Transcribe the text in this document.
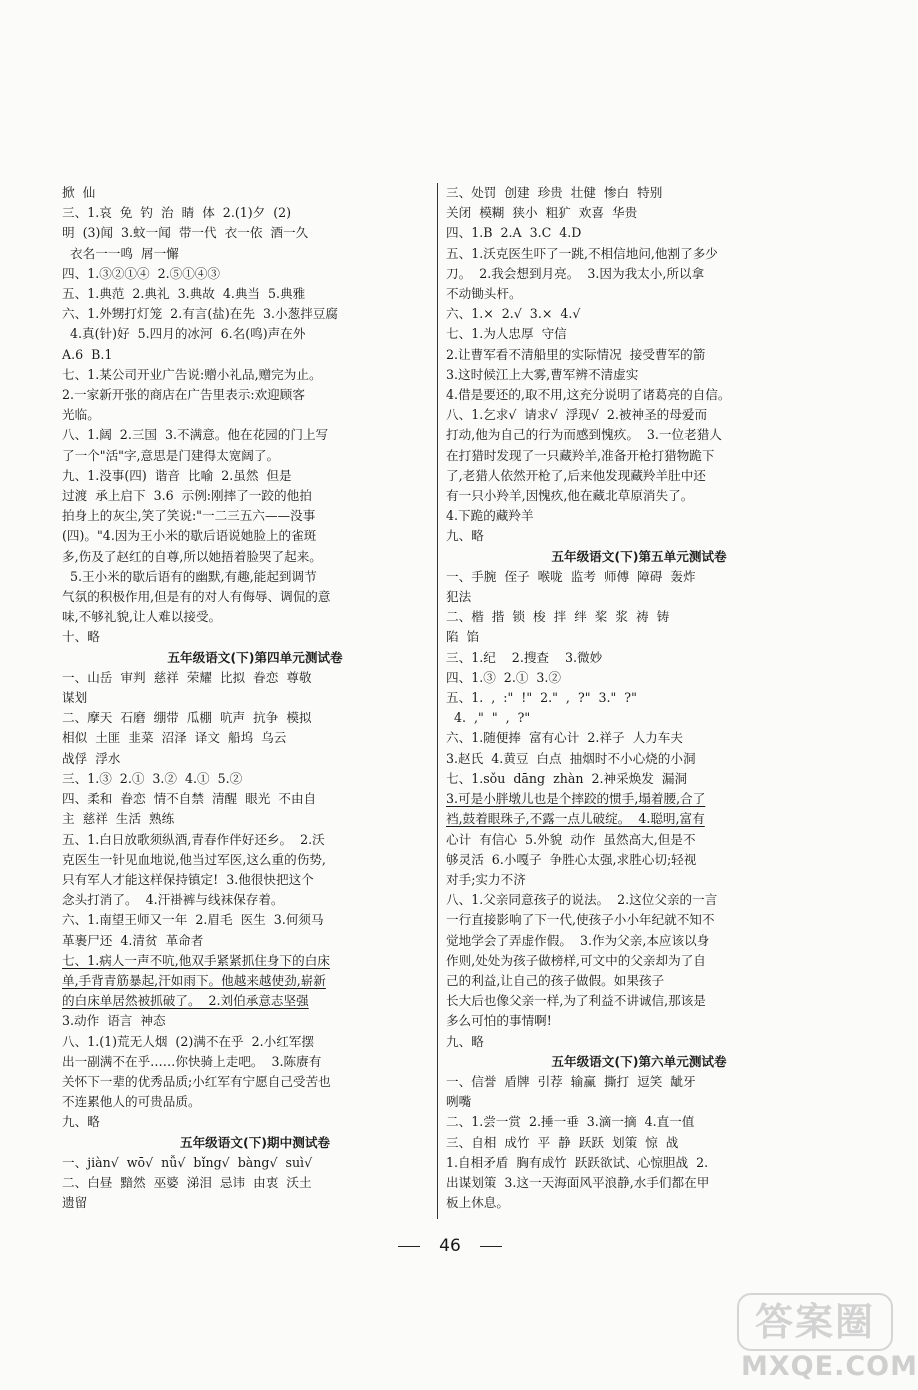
掀  仙
三、1.哀  免  钓  治  睛  体  2.(1)夕  (2)
明  (3)闻  3.蚊一闻  带一代  衣一依  酒一久
衣名一一鸣  屑一懈
四、1.③②①④  2.⑤①④③
五、1.典范  2.典礼  3.典故  4.典当  5.典雅
六、1.外甥打灯笼  2.有言(盐)在先  3.小葱拌豆腐
4.真(针)好  5.四月的冰河  6.名(鸣)声在外
A.6  B.1
七、1.某公司开业广告说:赠小礼品,赠完为止。
2.一家新开张的商店在广告里表示:欢迎顾客
光临。
八、1.阔  2.三国  3.不满意。他在花园的门上写
了一个"活"字,意思是门建得太宽阔了。
九、1.没事(四)  谐音  比喻  2.虽然  但是
过渡  承上启下  3.6  示例:刚摔了一跤的他拍
拍身上的灰尘,笑了笑说:"一二三五六——没事
(四)。"4.因为王小米的歇后语说她脸上的雀斑
多,伤及了赵红的自尊,所以她捂着脸哭了起来。
5.王小米的歇后语有的幽默,有趣,能起到调节
气氛的积极作用,但是有的对人有侮辱、调侃的意
味,不够礼貌,让人难以接受。
十、略
五年级语文(下)第四单元测试卷
一、山岳  审判  慈祥  荣耀  比拟  眷恋  尊敬
谋划
二、摩天  石磨  绷带  瓜棚  吭声  抗争  模拟
相似  土匪  韭菜  沼泽  译文  船坞  乌云
战俘  浮水
三、1.③  2.①  3.②  4.①  5.②
四、柔和  眷恋  情不自禁  清醒  眼光  不由自
主  慈祥  生活  熟练
五、1.白日放歌须纵酒,青春作伴好还乡。  2.沃
克医生一针见血地说,他当过军医,这么重的伤势,
只有军人才能这样保持镇定!  3.他很快把这个
念头打消了。  4.汗褂裤与线袜保存着。
六、1.南望王师又一年  2.眉毛  医生  3.何须马
革裹尸还  4.清贫  革命者
七、1.病人一声不吭,他双手紧紧抓住身下的白床
单,手背青筋暴起,汗如雨下。他越来越使劲,崭新
的白床单居然被抓破了。  2.刘伯承意志坚强
3.动作  语言  神态
八、1.(1)荒无人烟  (2)满不在乎  2.小红军摆
出一副满不在乎……你快骑上走吧。  3.陈赓有
关怀下一辈的优秀品质;小红军有宁愿自己受苦也
不连累他人的可贵品质。
九、略
五年级语文(下)期中测试卷
一、jiàn√  wō√  nǚ√  bǐng√  bàng√  suì√
二、白昼  黯然  巫婆  涕泪  忌讳  由衷  沃土
遗留
三、处罚  创建  珍贵  壮健  惨白  特别
关闭  模糊  狭小  粗犷  欢喜  华贵
四、1.B  2.A  3.C  4.D
五、1.沃克医生吓了一跳,不相信地问,他割了多少
刀。  2.我会想到月亮。  3.因为我太小,所以拿
不动锄头杆。
六、1.×  2.√  3.×  4.√
七、1.为人忠厚  守信
2.让曹军看不清船里的实际情况  接受曹军的箭
3.这时候江上大雾,曹军辨不清虚实
4.借是要还的,取不用,这充分说明了诸葛亮的自信。
八、1.乞求√  请求√  浮现√  2.被神圣的母爱而
打动,他为自己的行为而感到愧疚。  3.一位老猎人
在打猎时发现了一只藏羚羊,准备开枪打猎物跪下
了,老猎人依然开枪了,后来他发现藏羚羊肚中还
有一只小羚羊,因愧疚,他在藏北草原消失了。
4.下跪的藏羚羊
九、略
五年级语文(下)第五单元测试卷
一、手腕  侄子  喉咙  监考  师傅  障碍  轰炸
犯法
二、楷  揩  锁  梭  拌  绊  桨  浆  祷  铸
陷  馅
三、1.纪    2.搜查    3.微妙
四、1.③  2.①  3.②
五、1.  ,  :"  !"  2."  ,  ?"  3."  ?"
4.  ,"  "  ,  ?"
六、1.随便捧  富有心计  2.祥子  人力车夫
3.赵氏  4.黄豆  白点  抽烟时不小心烧的小洞
七、1.sǒu  dāng  zhàn  2.神采焕发  漏洞
3.可是小胖墩儿也是个摔跤的惯手,塌着腰,合了
裆,鼓着眼珠子,不露一点儿破绽。  4.聪明,富有
心计  有信心  5.外貌  动作  虽然高大,但是不
够灵活  6.小嘎子  争胜心太强,求胜心切;轻视
对手;实力不济
八、1.父亲同意孩子的说法。  2.这位父亲的一言
一行直接影响了下一代,使孩子小小年纪就不知不
觉地学会了弄虚作假。  3.作为父亲,本应该以身
作则,处处为孩子做榜样,可文中的父亲却为了自
己的利益,让自己的孩子做假。如果孩子
长大后也像父亲一样,为了利益不讲诚信,那该是
多么可怕的事情啊!
九、略
五年级语文(下)第六单元测试卷
一、信誉  盾牌  引荐  输赢  撕打  逗笑  龇牙
咧嘴
二、1.尝一赏  2.捶一垂  3.滴一摘  4.直一值
三、自相  成竹  平  静  跃跃  划策  惊  战
1.自相矛盾  胸有成竹  跃跃欲试、心惊胆战  2.
出谋划策  3.这一天海面风平浪静,水手们都在甲
板上休息。
46
答案圈
MXQE.COM
